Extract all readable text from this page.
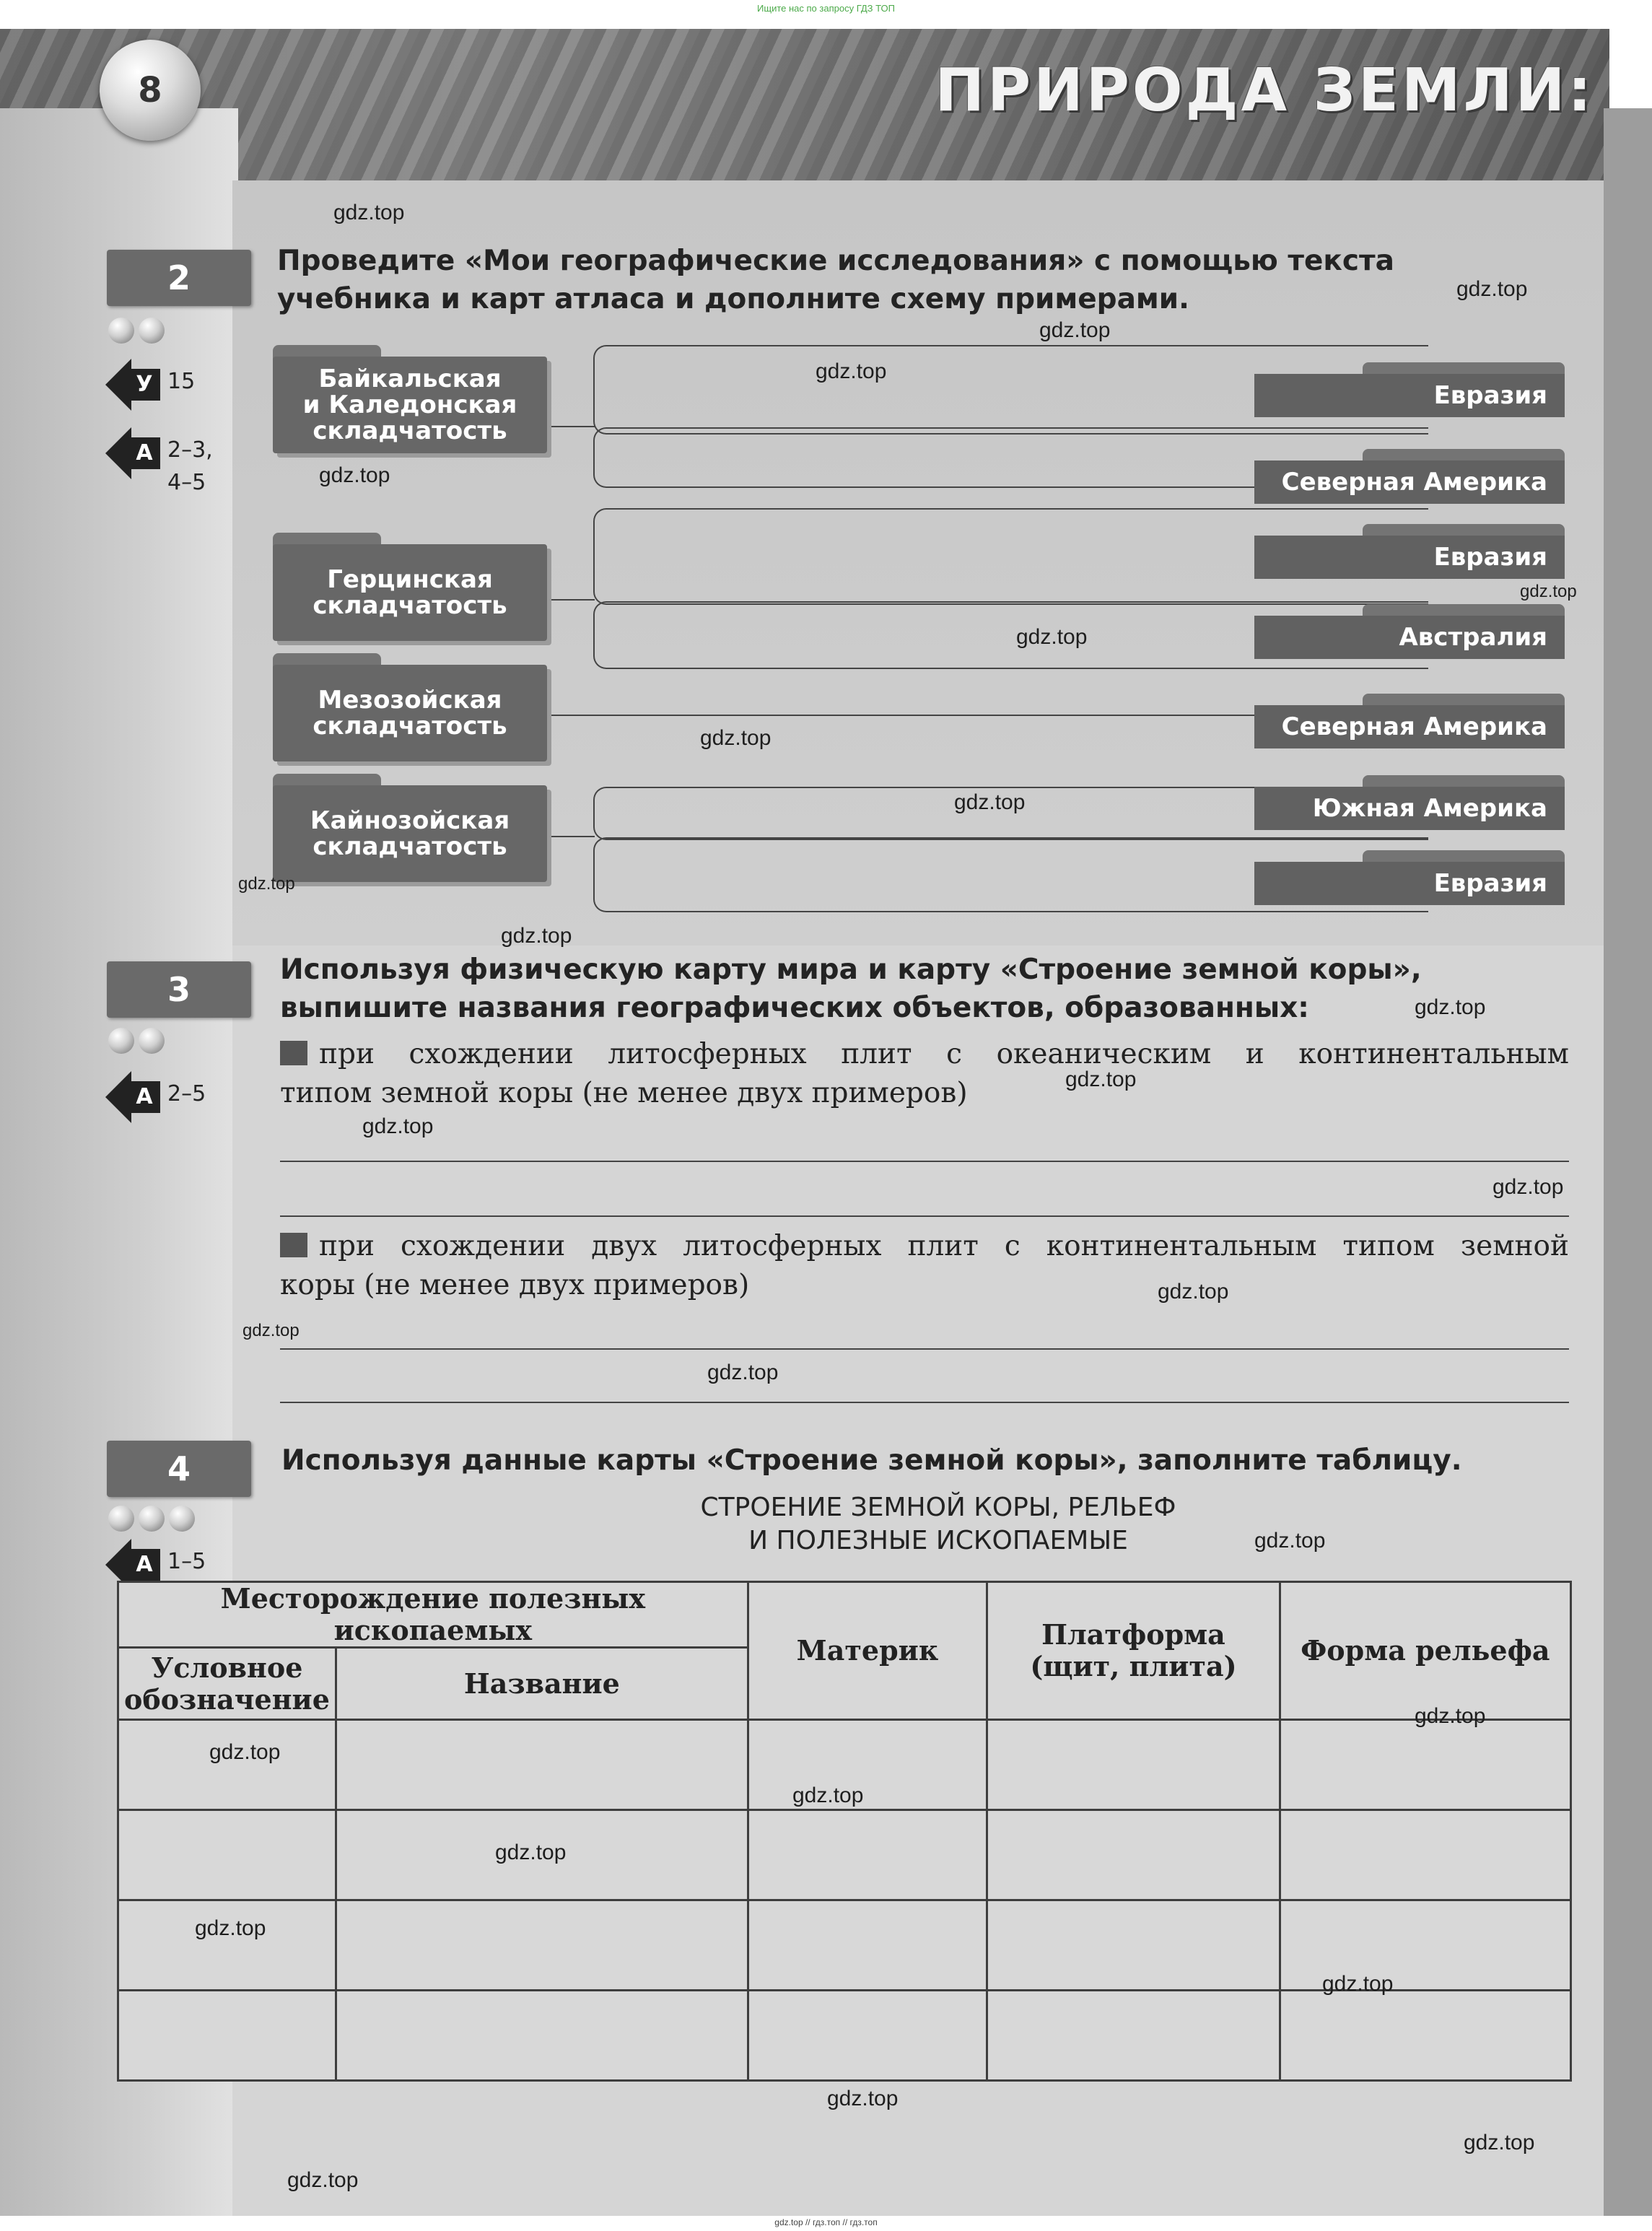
Ищите нас по запросу ГДЗ ТОП
8	ПРИРОДА ЗЕМЛИ:
2
У 15
А 2–3,
4–5
Проведите «Мои географические исследования» с помощью текста
учебника и карт атласа и дополните схему примерами.
Байкальская
и Каледонская
складчатость
Герцинская
складчатость
Мезозойская
складчатость
Кайнозойская
складчатость
Евразия
Северная Америка
Евразия
Австралия
Северная Америка
Южная Америка
Евразия
3
А 2–5
Используя физическую карту мира и карту «Строение земной коры»,
выпишите названия географических объектов, образованных:
при схождении литосферных плит с океаническим и континентальным
типом земной коры (не менее двух примеров)
при схождении двух литосферных плит с континентальным типом земной
коры (не менее двух примеров)
4
А 1–5
Используя данные карты «Строение земной коры», заполните таблицу.
СТРОЕНИЕ ЗЕМНОЙ КОРЫ, РЕЛЬЕФ
И ПОЛЕЗНЫЕ ИСКОПАЕМЫЕ
Месторождение полезных ископаемых		Материк	Платформа
(щит, плита)	Форма рельефа

Условное
обозначение	Название			

gdz.top
gdz.top
gdz.top
gdz.top
gdz.top
gdz.top
gdz.top
gdz.top
gdz.top
gdz.top
gdz.top
gdz.top
gdz.top
gdz.top
gdz.top
gdz.top
gdz.top
gdz.top
gdz.top
gdz.top
gdz.top
gdz.top
gdz.top
gdz.top
gdz.top
gdz.top
gdz.top
gdz.top
gdz.top // гдз.топ // гдз.топ
